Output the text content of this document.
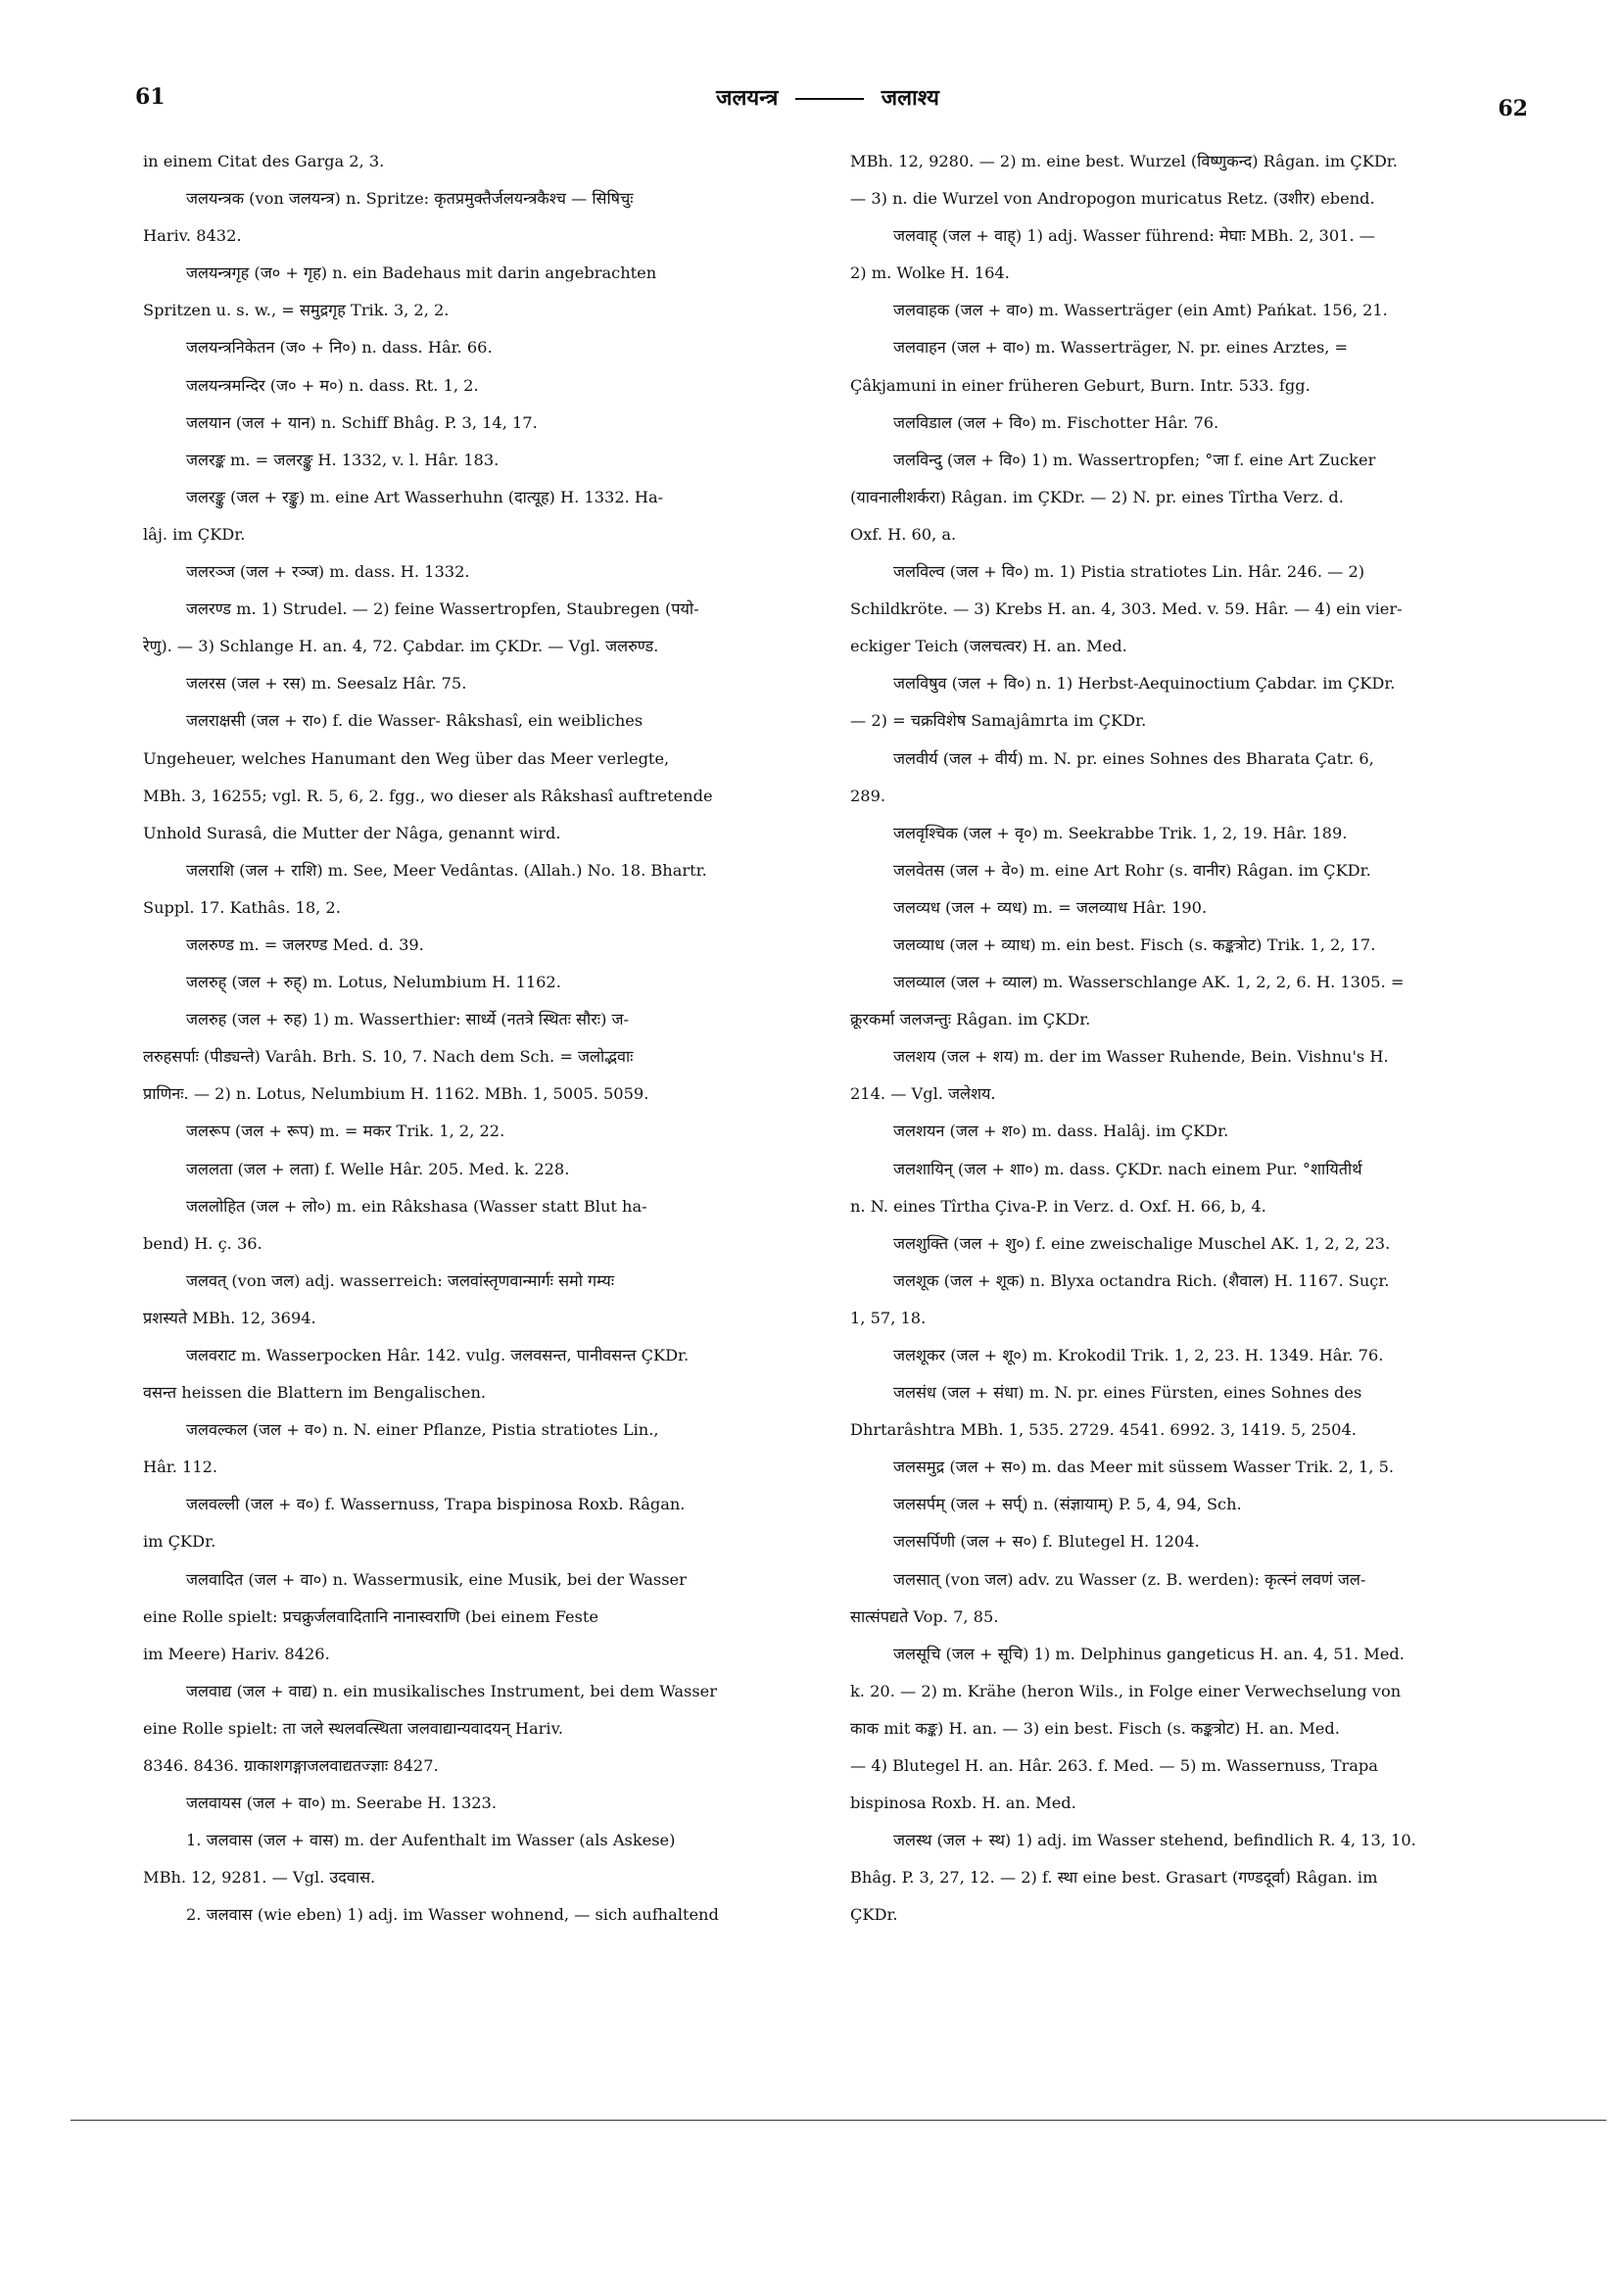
61	जलयन्त्र	जलाश्य	62
in einem Citat des Garga 2, 3.
जलयन्त्रक (von जलयन्त्र) n. Spritze: कृतप्रमुक्तैर्जलयन्त्रकैश्च — सिषिचुः
Hariv. 8432.
जलयन्त्रगृह (ज० + गृह) n. ein Badehaus mit darin angebrachten
Spritzen u. s. w., = समुद्रगृह Trik. 3, 2, 2.
जलयन्त्रनिकेतन (ज० + नि०) n. dass. Hâr. 66.
जलयन्त्रमन्दिर (ज० + म०) n. dass. Rt. 1, 2.
जलयान (जल + यान) n. Schiff Bhâg. P. 3, 14, 17.
जलरङ्क m. = जलरङ्कु H. 1332, v. l. Hâr. 183.
जलरङ्कु (जल + रङ्कु) m. eine Art Wasserhuhn (दात्यूह) H. 1332. Ha-
lâj. im ÇKDr.
जलरञ्ज (जल + रञ्ज) m. dass. H. 1332.
जलरण्ड m. 1) Strudel. — 2) feine Wassertropfen, Staubregen (पयो-
रेणु). — 3) Schlange H. an. 4, 72. Çabdar. im ÇKDr. — Vgl. जलरुण्ड.
जलरस (जल + रस) m. Seesalz Hâr. 75.
जलराक्षसी (जल + रा०) f. die Wasser- Râkshasî, ein weibliches
Ungeheuer, welches Hanumant den Weg über das Meer verlegte,
MBh. 3, 16255; vgl. R. 5, 6, 2. fgg., wo dieser als Râkshasî auftretende
Unhold Surasâ, die Mutter der Nâga, genannt wird.
जलराशि (जल + राशि) m. See, Meer Vedântas. (Allah.) No. 18. Bhartr.
Suppl. 17. Kathâs. 18, 2.
जलरुण्ड m. = जलरण्ड Med. d. 39.
जलरुह् (जल + रुह्) m. Lotus, Nelumbium H. 1162.
जलरुह (जल + रुह) 1) m. Wasserthier: सार्ध्ये (नतत्रे स्थितः सौरः) ज-
लरुहसर्पाः (पीड्यन्ते) Varâh. Brh. S. 10, 7. Nach dem Sch. = जलोद्भवाः
प्राणिनः. — 2) n. Lotus, Nelumbium H. 1162. MBh. 1, 5005. 5059.
जलरूप (जल + रूप) m. = मकर Trik. 1, 2, 22.
जललता (जल + लता) f. Welle Hâr. 205. Med. k. 228.
जललोहित (जल + लो०) m. ein Râkshasa (Wasser statt Blut ha-
bend) H. ç. 36.
जलवत् (von जल) adj. wasserreich: जलवांस्तृणवान्मार्गः समो गम्यः
प्रशस्यते MBh. 12, 3694.
जलवराट m. Wasserpocken Hâr. 142. vulg. जलवसन्त, पानीवसन्त ÇKDr.
वसन्त heissen die Blattern im Bengalischen.
जलवल्कल (जल + व०) n. N. einer Pflanze, Pistia stratiotes Lin.,
Hâr. 112.
जलवल्ली (जल + व०) f. Wassernuss, Trapa bispinosa Roxb. Râgan.
im ÇKDr.
जलवादित (जल + वा०) n. Wassermusik, eine Musik, bei der Wasser
eine Rolle spielt: प्रचक्रुर्जलवादितानि नानास्वराणि (bei einem Feste
im Meere) Hariv. 8426.
जलवाद्य (जल + वाद्य) n. ein musikalisches Instrument, bei dem Wasser
eine Rolle spielt: ता जले स्थलवत्स्थिता जलवाद्यान्यवादयन् Hariv.
8346. 8436. ग्राकाशगङ्गाजलवाद्यतज्ज्ञाः 8427.
जलवायस (जल + वा०) m. Seerabe H. 1323.
1. जलवास (जल + वास) m. der Aufenthalt im Wasser (als Askese)
MBh. 12, 9281. — Vgl. उदवास.
2. जलवास (wie eben) 1) adj. im Wasser wohnend, — sich aufhaltend
MBh. 12, 9280. — 2) m. eine best. Wurzel (विष्णुकन्द) Râgan. im ÇKDr.
— 3) n. die Wurzel von Andropogon muricatus Retz. (उशीर) ebend.
जलवाह् (जल + वाह्) 1) adj. Wasser führend: मेघाः MBh. 2, 301. —
2) m. Wolke H. 164.
जलवाहक (जल + वा०) m. Wasserträger (ein Amt) Pańkat. 156, 21.
जलवाहन (जल + वा०) m. Wasserträger, N. pr. eines Arztes, =
Çâkjamuni in einer früheren Geburt, Burn. Intr. 533. fgg.
जलविडाल (जल + वि०) m. Fischotter Hâr. 76.
जलविन्दु (जल + वि०) 1) m. Wassertropfen; °जा f. eine Art Zucker
(यावनालीशर्करा) Râgan. im ÇKDr. — 2) N. pr. eines Tîrtha Verz. d.
Oxf. H. 60, a.
जलविल्व (जल + वि०) m. 1) Pistia stratiotes Lin. Hâr. 246. — 2)
Schildkröte. — 3) Krebs H. an. 4, 303. Med. v. 59. Hâr. — 4) ein vier-
eckiger Teich (जलचत्वर) H. an. Med.
जलविषुव (जल + वि०) n. 1) Herbst-Aequinoctium Çabdar. im ÇKDr.
— 2) = चक्रविशेष Samajâmrta im ÇKDr.
जलवीर्य (जल + वीर्य) m. N. pr. eines Sohnes des Bharata Çatr. 6,
289.
जलवृश्चिक (जल + वृ०) m. Seekrabbe Trik. 1, 2, 19. Hâr. 189.
जलवेतस (जल + वे०) m. eine Art Rohr (s. वानीर) Râgan. im ÇKDr.
जलव्यध (जल + व्यध) m. = जलव्याध Hâr. 190.
जलव्याध (जल + व्याध) m. ein best. Fisch (s. कङ्कत्रोट) Trik. 1, 2, 17.
जलव्याल (जल + व्याल) m. Wasserschlange AK. 1, 2, 2, 6. H. 1305. =
क्रूरकर्मा जलजन्तुः Râgan. im ÇKDr.
जलशय (जल + शय) m. der im Wasser Ruhende, Bein. Vishnu's H.
214. — Vgl. जलेशय.
जलशयन (जल + श०) m. dass. Halâj. im ÇKDr.
जलशायिन् (जल + शा०) m. dass. ÇKDr. nach einem Pur. °शायितीर्थ
n. N. eines Tîrtha Çiva-P. in Verz. d. Oxf. H. 66, b, 4.
जलशुक्ति (जल + शु०) f. eine zweischalige Muschel AK. 1, 2, 2, 23.
जलशूक (जल + शूक) n. Blyxa octandra Rich. (शैवाल) H. 1167. Suçr.
1, 57, 18.
जलशूकर (जल + शू०) m. Krokodil Trik. 1, 2, 23. H. 1349. Hâr. 76.
जलसंध (जल + संधा) m. N. pr. eines Fürsten, eines Sohnes des
Dhrtarâshtra MBh. 1, 535. 2729. 4541. 6992. 3, 1419. 5, 2504.
जलसमुद्र (जल + स०) m. das Meer mit süssem Wasser Trik. 2, 1, 5.
जलसर्पम् (जल + सर्प्) n. (संज्ञायाम्) P. 5, 4, 94, Sch.
जलसर्पिणी (जल + स०) f. Blutegel H. 1204.
जलसात् (von जल) adv. zu Wasser (z. B. werden): कृत्स्नं लवणं जल-
सात्संपद्यते Vop. 7, 85.
जलसूचि (जल + सूचि) 1) m. Delphinus gangeticus H. an. 4, 51. Med.
k. 20. — 2) m. Krähe (heron Wils., in Folge einer Verwechselung von
काक mit कङ्क) H. an. — 3) ein best. Fisch (s. कङ्कत्रोट) H. an. Med.
— 4) Blutegel H. an. Hâr. 263. f. Med. — 5) m. Wassernuss, Trapa
bispinosa Roxb. H. an. Med.
जलस्थ (जल + स्थ) 1) adj. im Wasser stehend, befindlich R. 4, 13, 10.
Bhâg. P. 3, 27, 12. — 2) f. स्था eine best. Grasart (गण्डदूर्वा) Râgan. im
ÇKDr.
